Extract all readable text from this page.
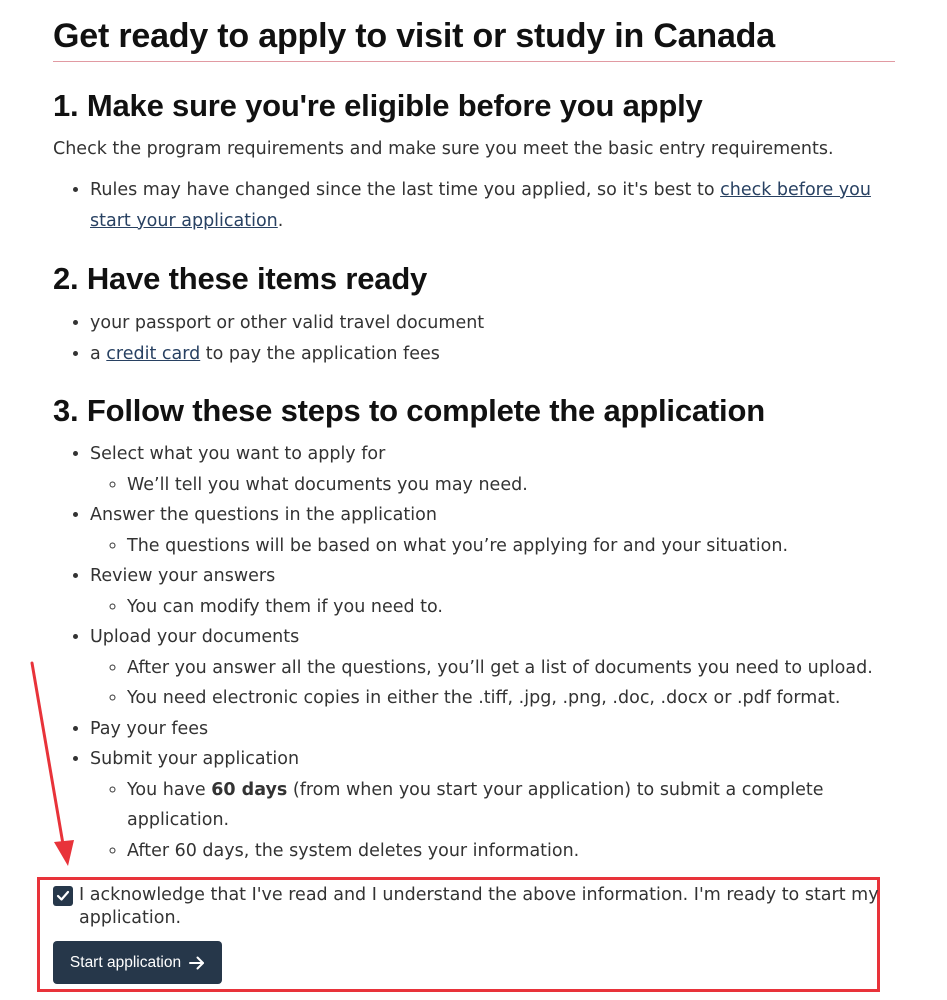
Get ready to apply to visit or study in Canada
1. Make sure you're eligible before you apply

Check the program requirements and make sure you meet the basic entry requirements.

• Rules may have changed since the last time you applied, so it's best to check before you start your application.
2. Have these items ready
• your passport or other valid travel document
• a credit card to pay the application fees
3. Follow these steps to complete the application
• Select what you want to apply for
◦ We’ll tell you what documents you may need.
• Answer the questions in the application
◦ The questions will be based on what you’re applying for and your situation.
• Review your answers
◦ You can modify them if you need to.
• Upload your documents
◦ After you answer all the questions, you’ll get a list of documents you need to upload.
◦ You need electronic copies in either the .tiff, .jpg, .png, .doc, .docx or .pdf format.
• Pay your fees
• Submit your application
◦ You have 60 days (from when you start your application) to submit a complete application.
◦ After 60 days, the system deletes your information.
I acknowledge that I've read and I understand the above information. I'm ready to start my application.
Start application
